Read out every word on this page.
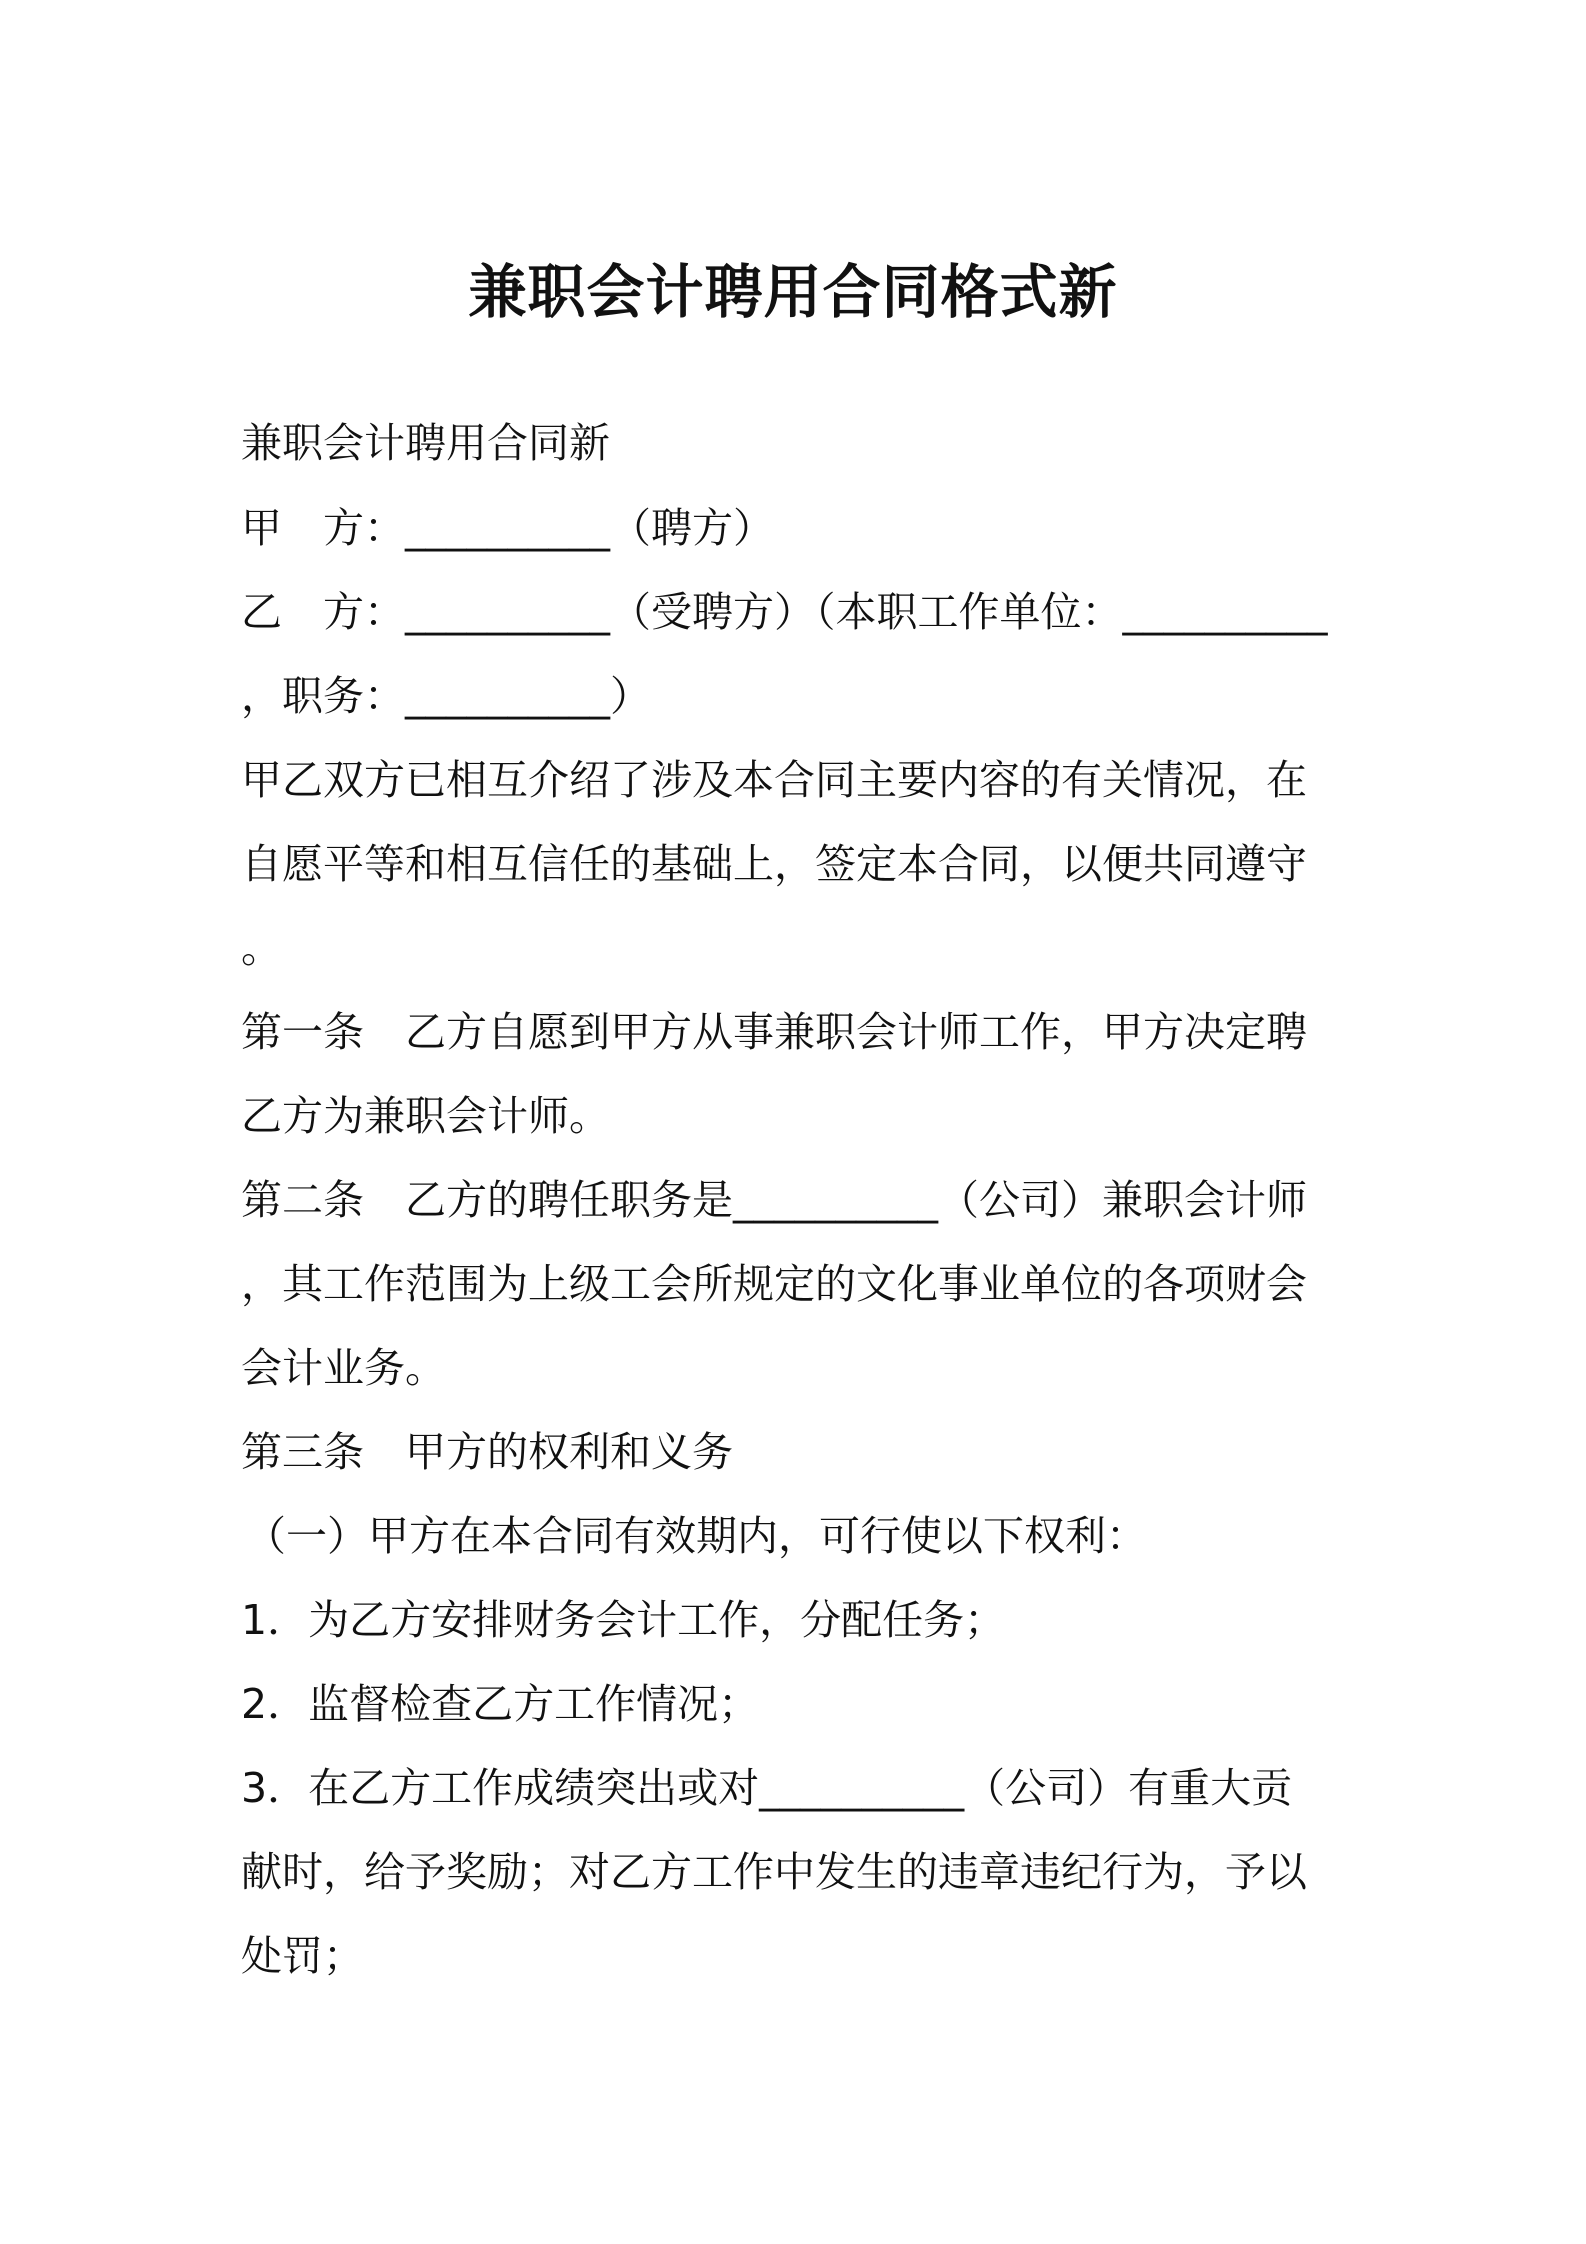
兼职会计聘用合同格式新
兼职会计聘用合同新
甲　方：__________（聘方）
乙　方：__________（受聘方）（本职工作单位：__________
，职务：__________）
甲乙双方已相互介绍了涉及本合同主要内容的有关情况，在
自愿平等和相互信任的基础上，签定本合同，以便共同遵守
。
第一条　乙方自愿到甲方从事兼职会计师工作，甲方决定聘
乙方为兼职会计师。
第二条　乙方的聘任职务是__________（公司）兼职会计师
，其工作范围为上级工会所规定的文化事业单位的各项财会
会计业务。
第三条　甲方的权利和义务
（一）甲方在本合同有效期内，可行使以下权利：
1．为乙方安排财务会计工作，分配任务；
2．监督检查乙方工作情况；
3．在乙方工作成绩突出或对__________（公司）有重大贡
献时，给予奖励；对乙方工作中发生的违章违纪行为，予以
处罚；
